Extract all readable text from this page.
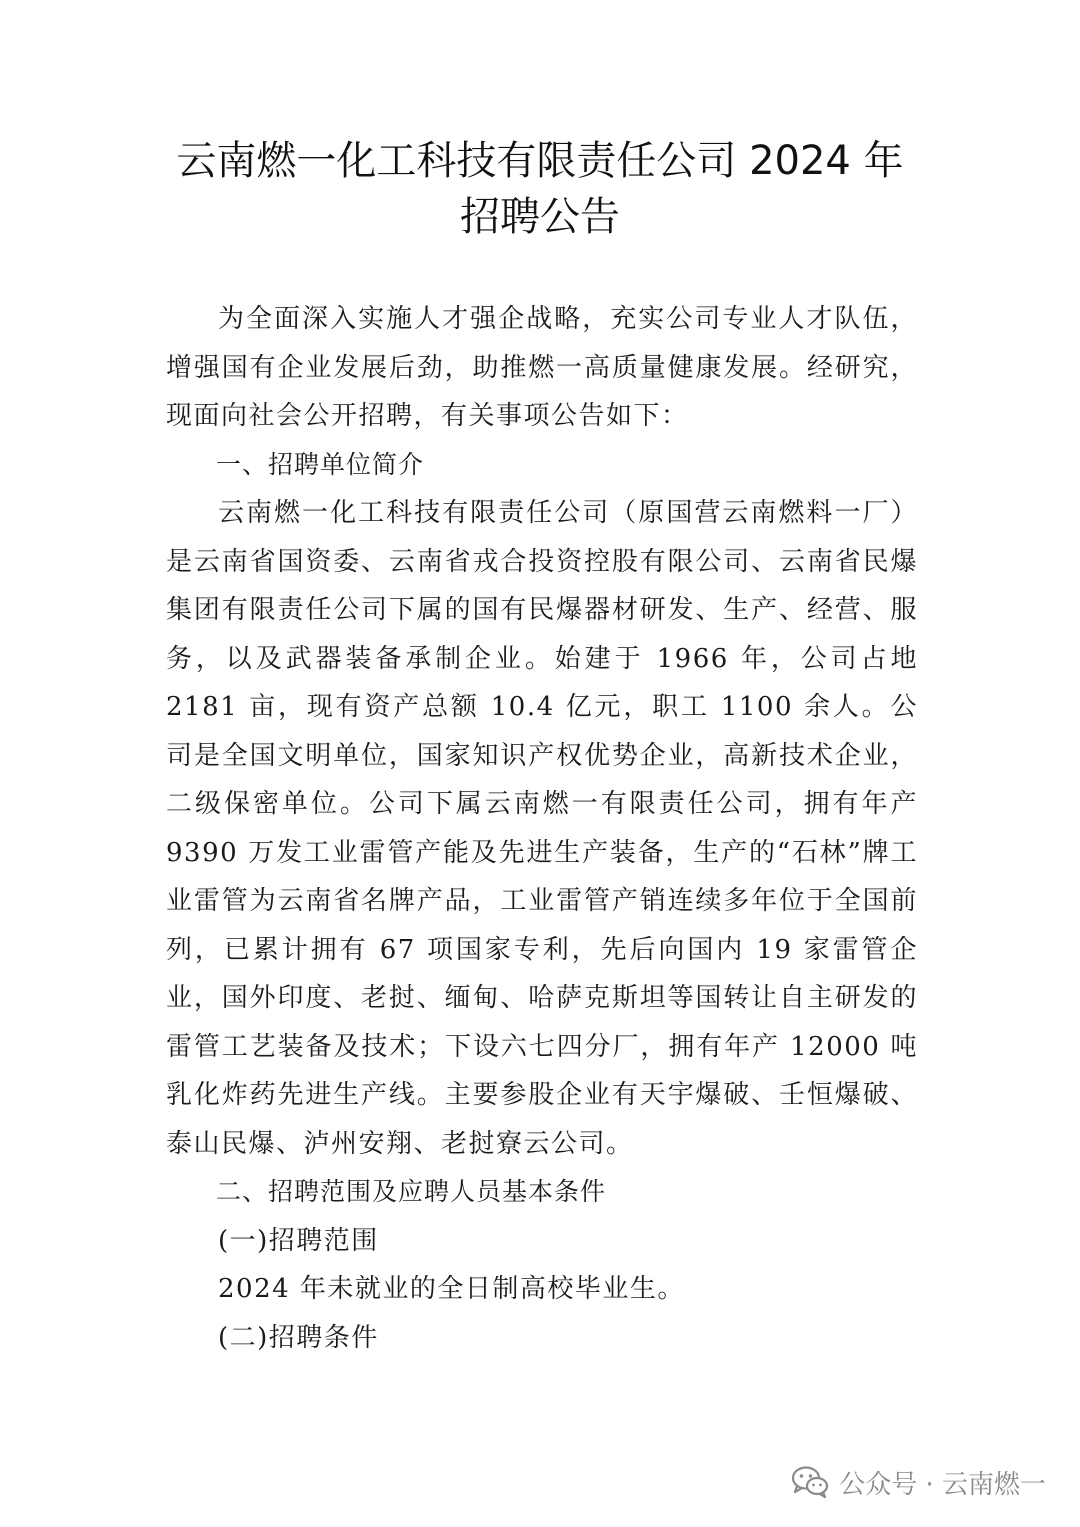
云南燃一化工科技有限责任公司 2024 年
招聘公告

为全面深入实施人才强企战略，充实公司专业人才队伍，增强国有企业发展后劲，助推燃一高质量健康发展。经研究，现面向社会公开招聘，有关事项公告如下：

一、招聘单位简介

云南燃一化工科技有限责任公司（原国营云南燃料一厂）是云南省国资委、云南省戎合投资控股有限公司、云南省民爆集团有限责任公司下属的国有民爆器材研发、生产、经营、服务，以及武器装备承制企业。始建于 1966 年，公司占地 2181 亩，现有资产总额 10.4 亿元，职工 1100 余人。公司是全国文明单位，国家知识产权优势企业，高新技术企业，二级保密单位。公司下属云南燃一有限责任公司，拥有年产 9390 万发工业雷管产能及先进生产装备，生产的“石林”牌工业雷管为云南省名牌产品，工业雷管产销连续多年位于全国前列，已累计拥有 67 项国家专利，先后向国内 19 家雷管企业，国外印度、老挝、缅甸、哈萨克斯坦等国转让自主研发的雷管工艺装备及技术；下设六七四分厂，拥有年产 12000 吨乳化炸药先进生产线。主要参股企业有天宇爆破、壬恒爆破、泰山民爆、泸州安翔、老挝寮云公司。

二、招聘范围及应聘人员基本条件

(一)招聘范围

2024 年未就业的全日制高校毕业生。

(二)招聘条件

公众号 · 云南燃一
